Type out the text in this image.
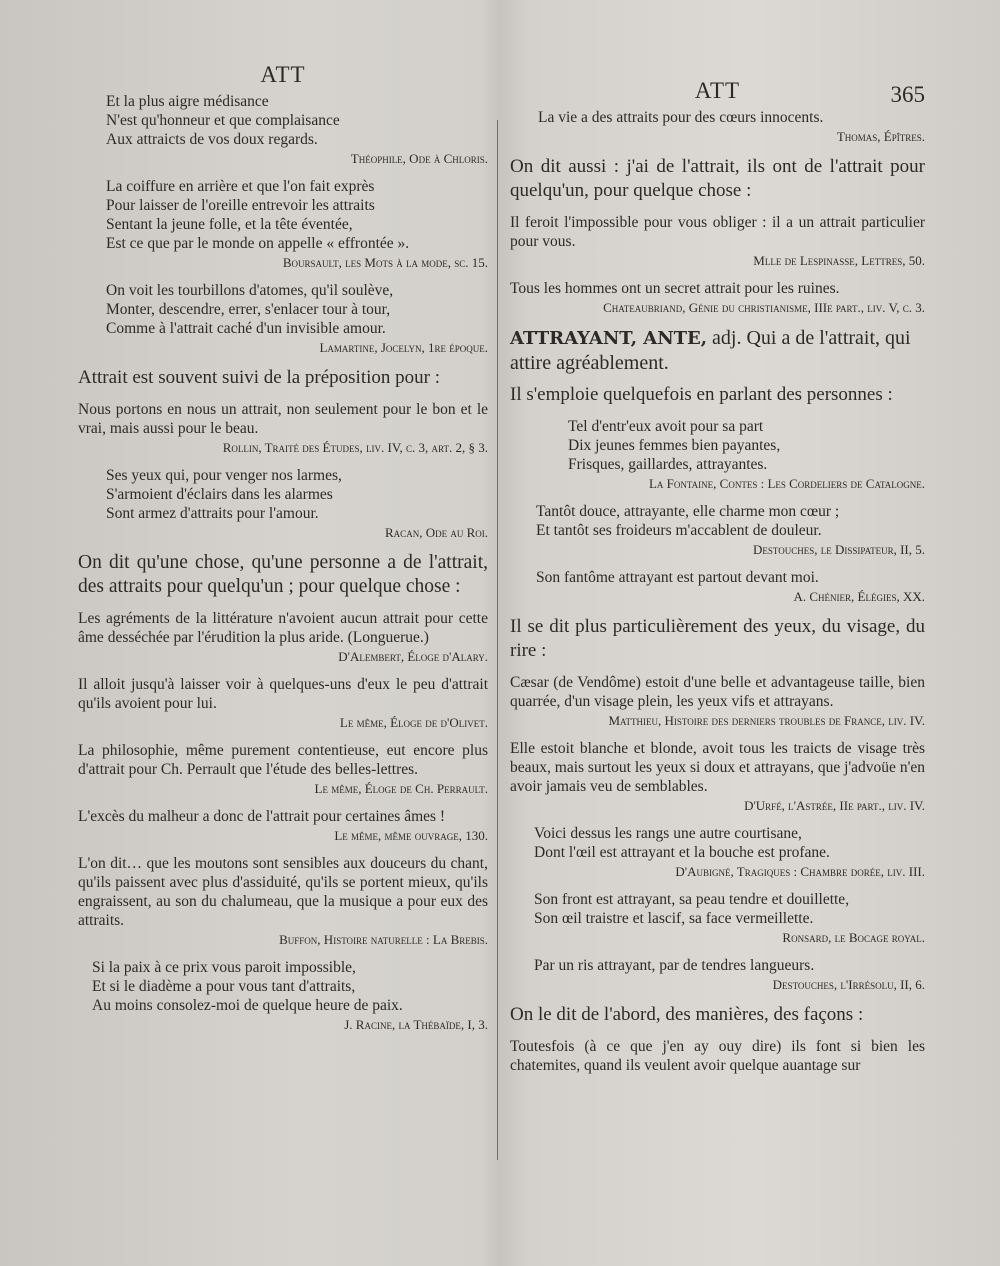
ATT
Et la plus aigre médisance
N'est qu'honneur et que complaisance
Aux attraicts de vos doux regards.
Théophile, Ode à Chloris.
La coiffure en arrière et que l'on fait exprès
Pour laisser de l'oreille entrevoir les attraits
Sentant la jeune folle, et la tête éventée,
Est ce que par le monde on appelle « effrontée ».
Boursault, les Mots à la mode, sc. 15.
On voit les tourbillons d'atomes, qu'il soulève,
Monter, descendre, errer, s'enlacer tour à tour,
Comme à l'attrait caché d'un invisible amour.
Lamartine, Jocelyn, 1re époque.
Attrait est souvent suivi de la préposition pour :
Nous portons en nous un attrait, non seulement pour le bon et le vrai, mais aussi pour le beau.
Rollin, Traité des Études, liv. IV, c. 3, art. 2, § 3.
Ses yeux qui, pour venger nos larmes,
S'armoient d'éclairs dans les alarmes
Sont armez d'attraits pour l'amour.
Racan, Ode au Roi.
On dit qu'une chose, qu'une personne a de l'attrait, des attraits pour quelqu'un ; pour quelque chose :
Les agréments de la littérature n'avoient aucun attrait pour cette âme desséchée par l'érudition la plus aride. (Longuerue.)
D'Alembert, Éloge d'Alary.
Il alloit jusqu'à laisser voir à quelques-uns d'eux le peu d'attrait qu'ils avoient pour lui.
Le même, Éloge de d'Olivet.
La philosophie, même purement contentieuse, eut encore plus d'attrait pour Ch. Perrault que l'étude des belles-lettres.
Le même, Éloge de Ch. Perrault.
L'excès du malheur a donc de l'attrait pour certaines âmes !
Le même, même ouvrage, 130.
L'on dit… que les moutons sont sensibles aux douceurs du chant, qu'ils paissent avec plus d'assiduité, qu'ils se portent mieux, qu'ils engraissent, au son du chalumeau, que la musique a pour eux des attraits.
Buffon, Histoire naturelle : La Brebis.
Si la paix à ce prix vous paroit impossible,
Et si le diadème a pour vous tant d'attraits,
Au moins consolez-moi de quelque heure de paix.
J. Racine, la Thébaïde, I, 3.
ATT	365
La vie a des attraits pour des cœurs innocents.
Thomas, Épîtres.
On dit aussi : j'ai de l'attrait, ils ont de l'attrait pour quelqu'un, pour quelque chose :
Il feroit l'impossible pour vous obliger : il a un attrait particulier pour vous.
Mlle de Lespinasse, Lettres, 50.
Tous les hommes ont un secret attrait pour les ruines.
Chateaubriand, Génie du christianisme, IIIe part., liv. V, c. 3.
ATTRAYANT, ANTE, adj. Qui a de l'attrait, qui attire agréablement.
Il s'emploie quelquefois en parlant des personnes :
Tel d'entr'eux avoit pour sa part
Dix jeunes femmes bien payantes,
Frisques, gaillardes, attrayantes.
La Fontaine, Contes : Les Cordeliers de Catalogne.
Tantôt douce, attrayante, elle charme mon cœur ;
Et tantôt ses froideurs m'accablent de douleur.
Destouches, le Dissipateur, II, 5.
Son fantôme attrayant est partout devant moi.
A. Chénier, Élégies, XX.
Il se dit plus particulièrement des yeux, du visage, du rire :
Cæsar (de Vendôme) estoit d'une belle et advantageuse taille, bien quarrée, d'un visage plein, les yeux vifs et attrayans.
Matthieu, Histoire des derniers troubles de France, liv. IV.
Elle estoit blanche et blonde, avoit tous les traicts de visage très beaux, mais surtout les yeux si doux et attrayans, que j'advoüe n'en avoir jamais veu de semblables.
D'Urfé, l'Astrée, IIe part., liv. IV.
Voici dessus les rangs une autre courtisane,
Dont l'œil est attrayant et la bouche est profane.
D'Aubigné, Tragiques : Chambre dorée, liv. III.
Son front est attrayant, sa peau tendre et douillette,
Son œil traistre et lascif, sa face vermeillette.
Ronsard, le Bocage royal.
Par un ris attrayant, par de tendres langueurs.
Destouches, l'Irrésolu, II, 6.
On le dit de l'abord, des manières, des façons :
Toutesfois (à ce que j'en ay ouy dire) ils font si bien les chatemites, quand ils veulent avoir quelque auantage sur
